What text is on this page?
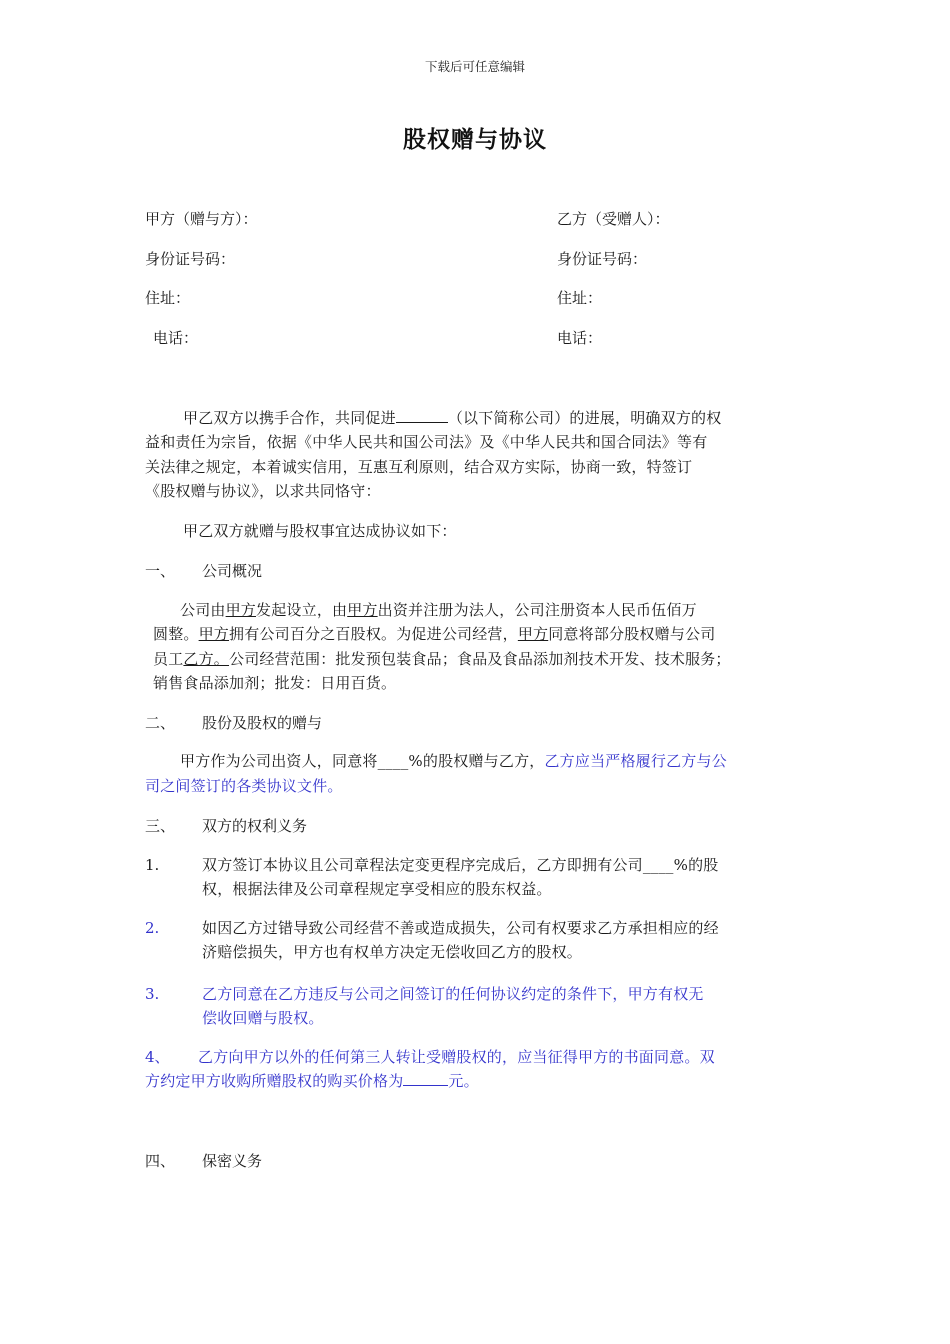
下载后可任意编辑
股权赠与协议
甲方（赠与方）：	乙方（受赠人）：
身份证号码：	身份证号码：
住址：	住址：
电话：	电话：
甲乙双方以携手合作，共同促进	（以下简称公司）的进展，明确双方的权
益和责任为宗旨，依据《中华人民共和国公司法》及《中华人民共和国合同法》等有
关法律之规定，本着诚实信用，互惠互利原则，结合双方实际，协商一致，特签订
《股权赠与协议》，以求共同恪守：
甲乙双方就赠与股权事宜达成协议如下：
一、 公司概况
公司由甲方发起设立，由甲方出资并注册为法人，公司注册资本人民币伍佰万
圆整。甲方拥有公司百分之百股权。为促进公司经营，甲方同意将部分股权赠与公司
员工乙方。公司经营范围：批发预包装食品；食品及食品添加剂技术开发、技术服务；
销售食品添加剂；批发：日用百货。
二、 股份及股权的赠与
甲方作为公司出资人，同意将____%的股权赠与乙方，乙方应当严格履行乙方与公
司之间签订的各类协议文件。
三、 双方的权利义务
1.	双方签订本协议且公司章程法定变更程序完成后，乙方即拥有公司____%的股
权，根据法律及公司章程规定享受相应的股东权益。
2.	如因乙方过错导致公司经营不善或造成损失，公司有权要求乙方承担相应的经
济赔偿损失，甲方也有权单方决定无偿收回乙方的股权。
3.	乙方同意在乙方违反与公司之间签订的任何协议约定的条件下，甲方有权无
偿收回赠与股权。
4、 乙方向甲方以外的任何第三人转让受赠股权的，应当征得甲方的书面同意。双
方约定甲方收购所赠股权的购买价格为	元。
四、 保密义务
